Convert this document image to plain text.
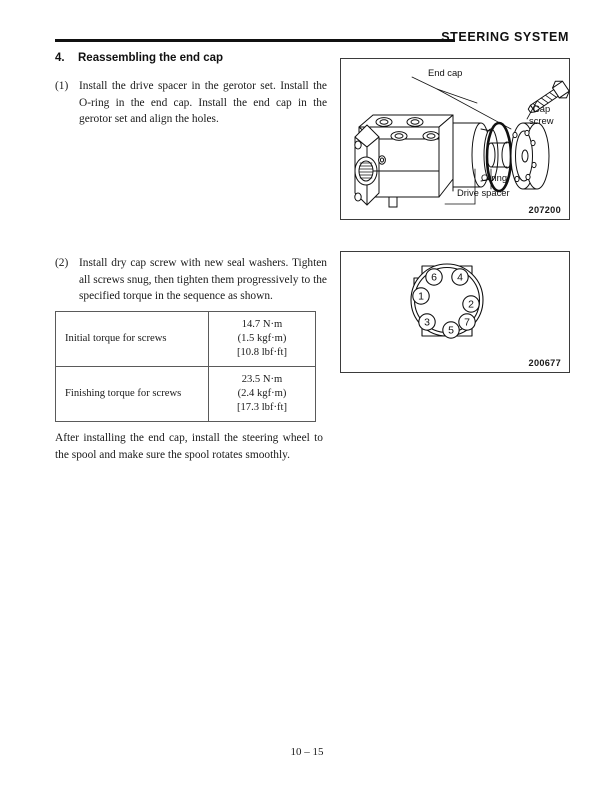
STEERING SYSTEM
4. Reassembling the end cap
(1) Install the drive spacer in the gerotor set. Install the O-ring in the end cap. Install the end cap in the gerotor set and align the holes.
(2) Install dry cap screw with new seal washers. Tighten all screws snug, then tighten them progressively to the specified torque in the sequence as shown.
Initial torque for screws	14.7 N·m
(1.5 kgf·m)
[10.8 lbf·ft]

Finishing torque for screws	23.5 N·m
(2.4 kgf·m)
[17.3 lbf·ft]
After installing the end cap, install the steering wheel to the spool and make sure the spool rotates smoothly.
End cap
Cap
screw
O-ring
Drive spacer
207200
1
2
3
4
5
6
7
200677
10 – 15
